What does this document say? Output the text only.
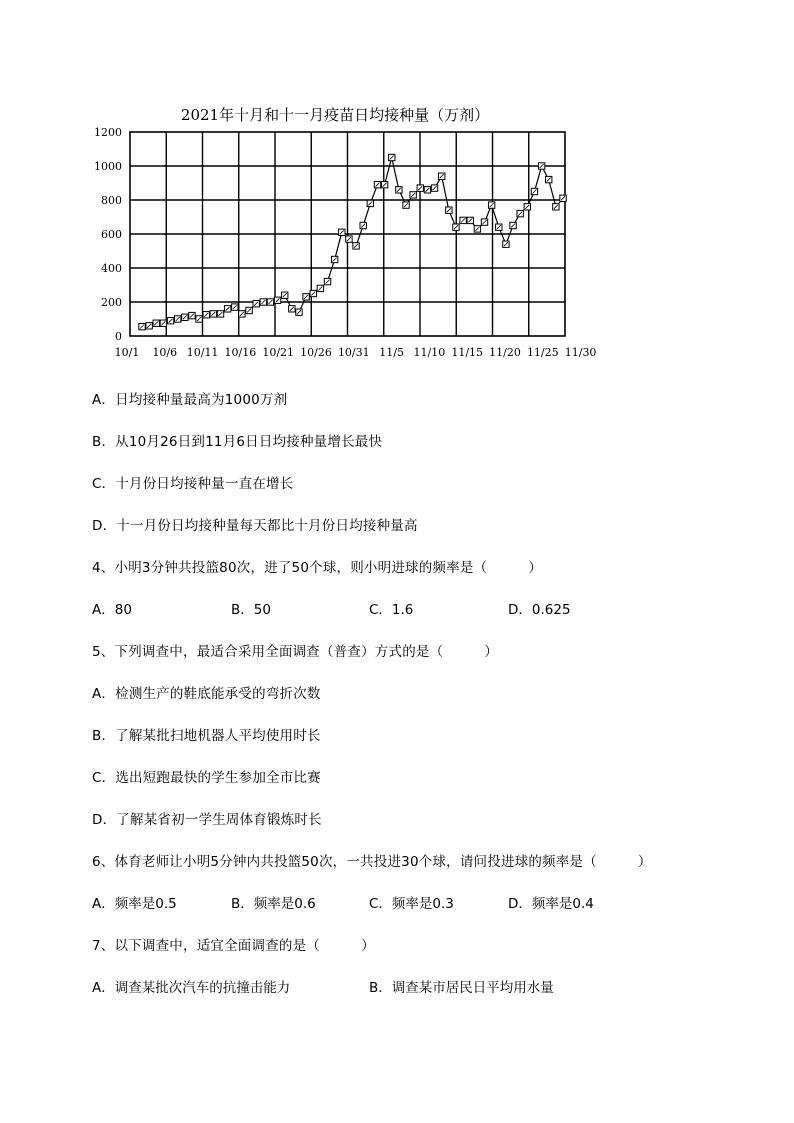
2021年十月和十一月疫苗日均接种量（万剂）
0
200
400
600
800
1000
1200
10/1 10/6 10/11 10/16 10/21 10/26 10/31 11/5 11/10 11/15 11/20 11/25 11/30
A．日均接种量最高为1000万剂
B．从10月26日到11月6日日均接种量增长最快
C．十月份日均接种量一直在增长
D．十一月份日均接种量每天都比十月份日均接种量高
4、小明3分钟共投篮80次，进了50个球，则小明进球的频率是（　　　）
A．80	B．50	C．1.6	D．0.625
5、下列调查中，最适合采用全面调查（普查）方式的是（　　　）
A．检测生产的鞋底能承受的弯折次数
B．了解某批扫地机器人平均使用时长
C．选出短跑最快的学生参加全市比赛
D．了解某省初一学生周体育锻炼时长
6、体育老师让小明5分钟内共投篮50次，一共投进30个球，请问投进球的频率是（　　　）
A．频率是0.5	B．频率是0.6	C．频率是0.3	D．频率是0.4
7、以下调查中，适宜全面调查的是（　　　）
A．调查某批次汽车的抗撞击能力	B．调查某市居民日平均用水量
